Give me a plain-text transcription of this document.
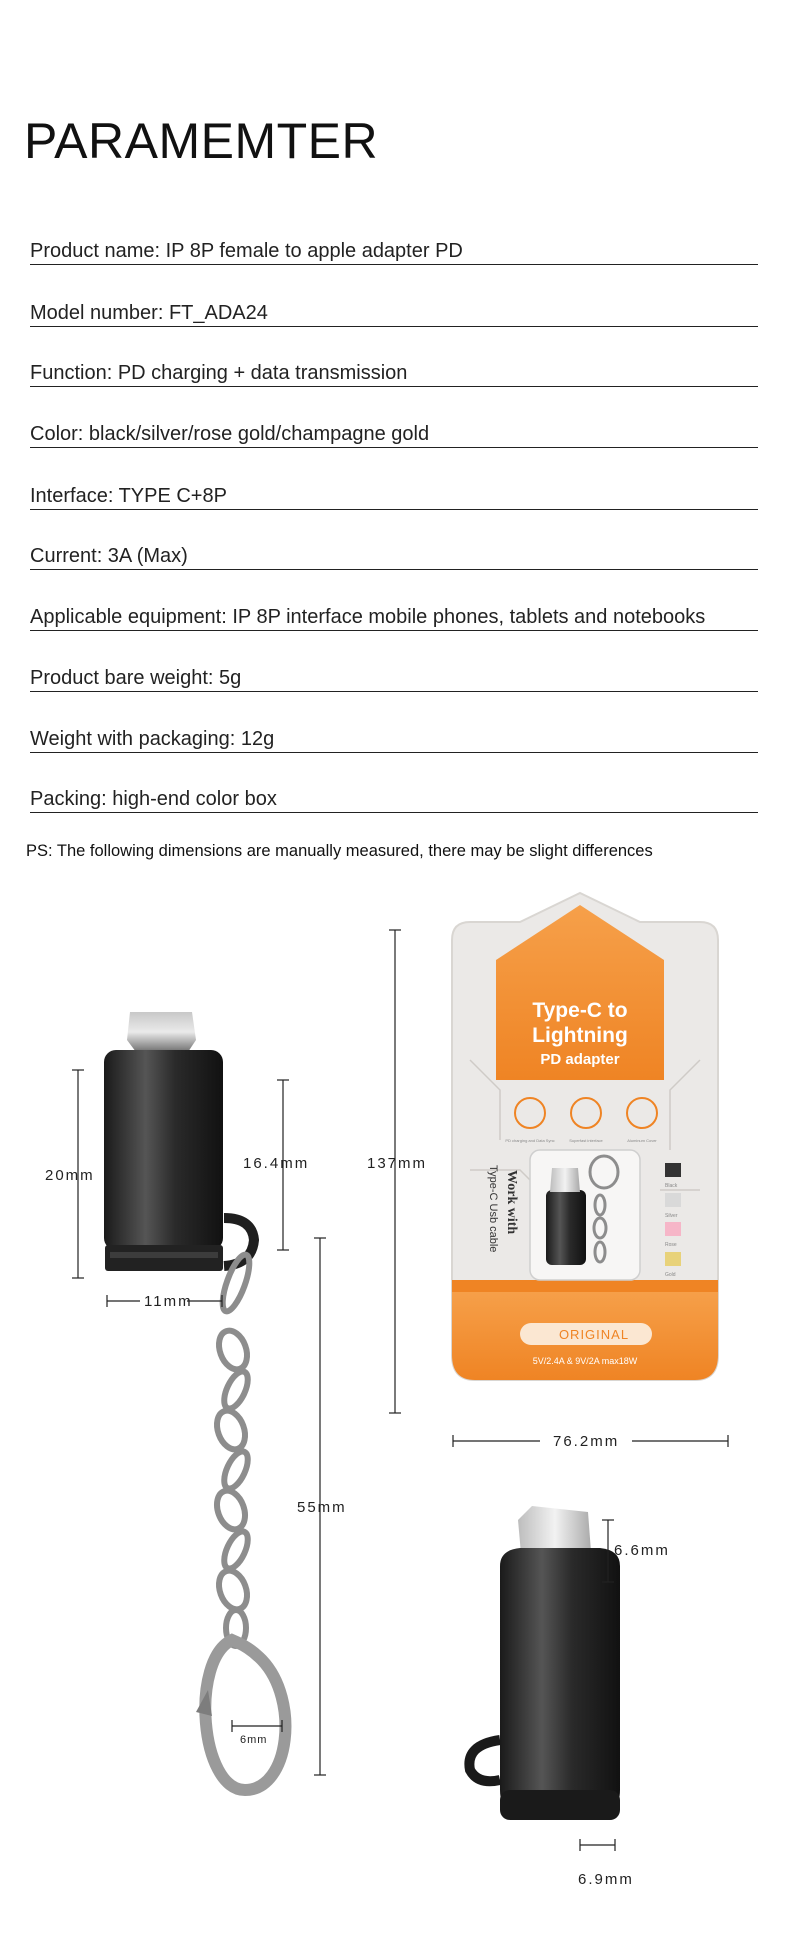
PARAMEMTER
Product name: IP 8P female to apple adapter PD
Model number: FT_ADA24
Function: PD charging + data transmission
Color: black/silver/rose gold/champagne gold
Interface: TYPE C+8P
Current: 3A (Max)
Applicable equipment: IP 8P interface mobile phones, tablets and notebooks
Product bare weight: 5g
Weight with packaging: 12g
Packing: high-end color box
PS: The following dimensions are manually measured, there may be slight differences
Type-C to
Lightning
PD adapter
PD charging and Data Sync	Superfast interface	Aluminum Cover
Work with
Type-C Usb cable	Black
Silver
Rose
Gold
ORIGINAL
5V/2.4A & 9V/2A max18W
20mm
11mm
16.4mm	137mm
55mm
6mm
76.2mm
6.6mm
6.9mm
